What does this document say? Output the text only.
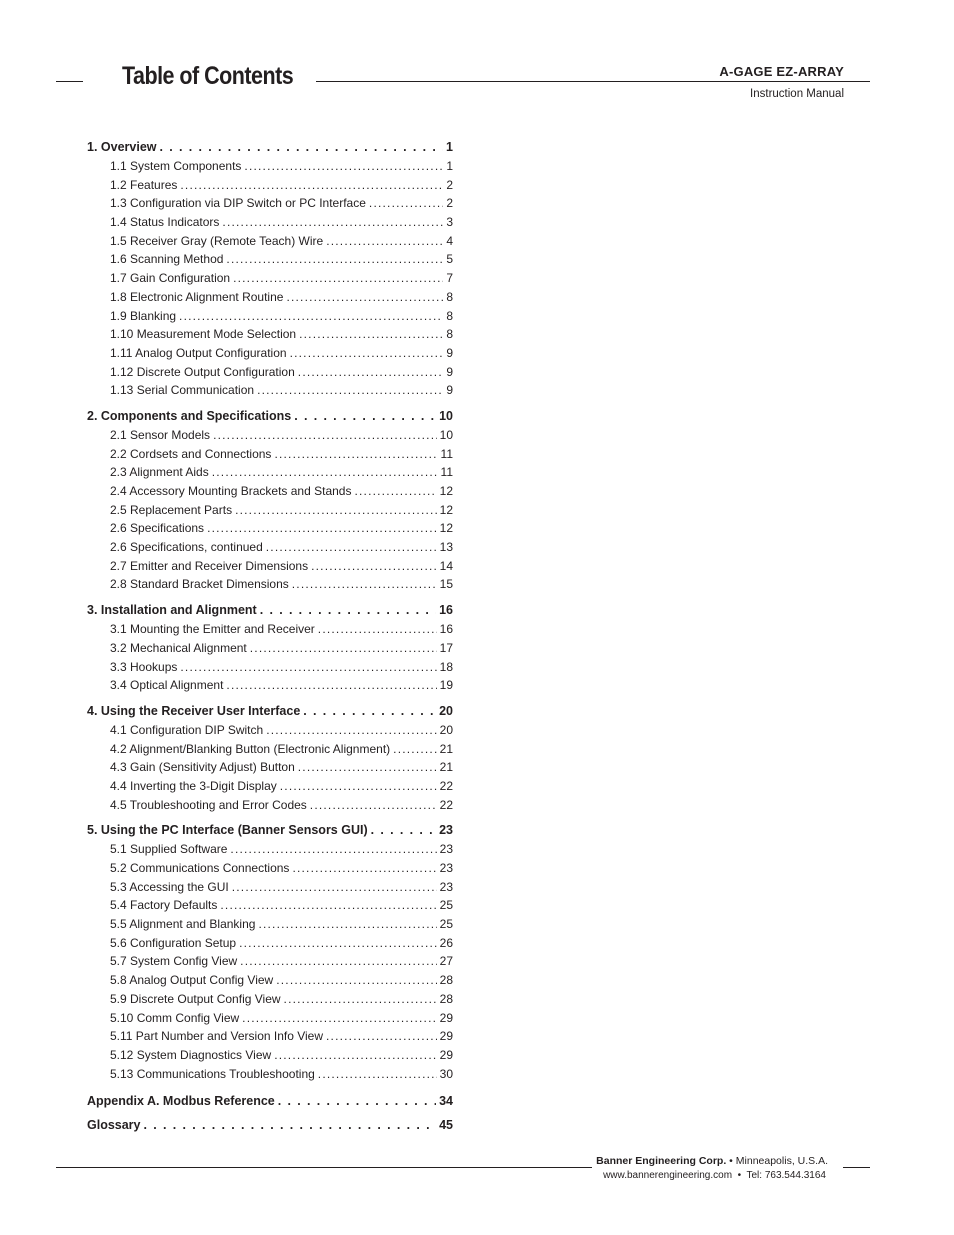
Table of Contents	A-GAGE EZ-ARRAY
Instruction Manual
1. Overview . . .	1
1.1 System Components .....	1
1.2 Features .....	2
1.3 Configuration via DIP Switch or PC Interface .....	2
1.4 Status Indicators .....	3
1.5 Receiver Gray (Remote Teach) Wire .....	4
1.6 Scanning Method .....	5
1.7 Gain Configuration .....	7
1.8 Electronic Alignment Routine .....	8
1.9 Blanking .....	8
1.10 Measurement Mode Selection .....	8
1.11 Analog Output Configuration .....	9
1.12 Discrete Output Configuration .....	9
1.13 Serial Communication .....	9
2. Components and Specifications . . .	10
2.1 Sensor Models .....	10
2.2 Cordsets and Connections .....	11
2.3 Alignment Aids .....	11
2.4 Accessory Mounting Brackets and Stands .....	12
2.5 Replacement Parts .....	12
2.6 Specifications .....	12
2.6 Specifications, continued .....	13
2.7 Emitter and Receiver Dimensions .....	14
2.8 Standard Bracket Dimensions .....	15
3. Installation and Alignment . . .	16
3.1 Mounting the Emitter and Receiver .....	16
3.2 Mechanical Alignment .....	17
3.3 Hookups .....	18
3.4 Optical Alignment .....	19
4. Using the Receiver User Interface . . .	20
4.1 Configuration DIP Switch .....	20
4.2 Alignment/Blanking Button (Electronic Alignment) .....	21
4.3 Gain (Sensitivity Adjust) Button .....	21
4.4 Inverting the 3-Digit Display .....	22
4.5 Troubleshooting and Error Codes .....	22
5. Using the PC Interface (Banner Sensors GUI) . . .	23
5.1 Supplied Software .....	23
5.2 Communications Connections .....	23
5.3 Accessing the GUI .....	23
5.4 Factory Defaults .....	25
5.5 Alignment and Blanking .....	25
5.6 Configuration Setup .....	26
5.7 System Config View .....	27
5.8 Analog Output Config View .....	28
5.9 Discrete Output Config View .....	28
5.10 Comm Config View .....	29
5.11 Part Number and Version Info View .....	29
5.12 System Diagnostics View .....	29
5.13 Communications Troubleshooting .....	30
Appendix A. Modbus Reference . . .	34
Glossary . . .	45
Banner Engineering Corp. • Minneapolis, U.S.A.
www.bannerengineering.com  •  Tel: 763.544.3164
